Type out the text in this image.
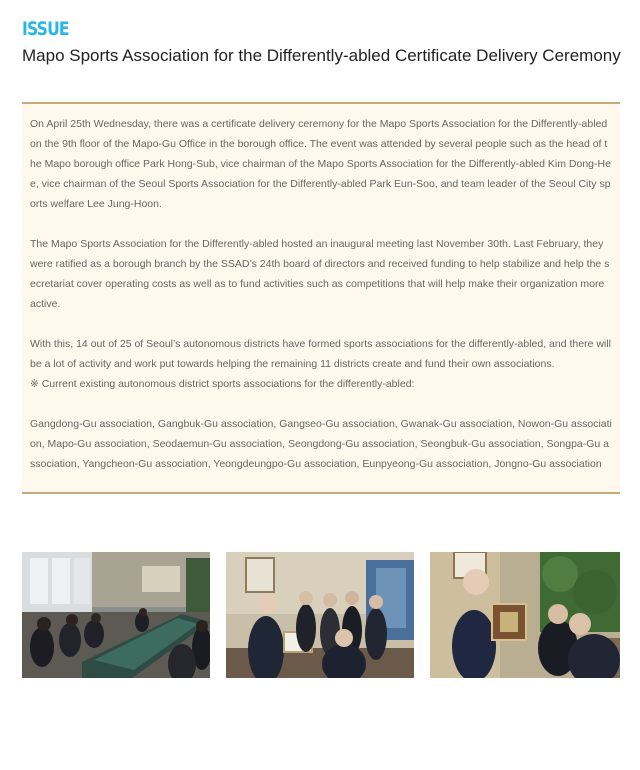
ISSUE
Mapo Sports Association for the Differently-abled Certificate Delivery Ceremony

On April 25th Wednesday, there was a certificate delivery ceremony for the Mapo Sports Association for the Differently-abled on the 9th floor of the Mapo-Gu Office in the borough office. The event was attended by several people such as the head of the Mapo borough office Park Hong-Sub, vice chairman of the Mapo Sports Association for the Differently-abled Kim Dong-Hee, vice chairman of the Seoul Sports Association for the Differently-abled Park Eun-Soo, and team leader of the Seoul City sports welfare Lee Jung-Hoon.

The Mapo Sports Association for the Differently-abled hosted an inaugural meeting last November 30th. Last February, they were ratified as a borough branch by the SSAD’s 24th board of directors and received funding to help stabilize and help the secretariat cover operating costs as well as to fund activities such as competitions that will help make their organization more active.

With this, 14 out of 25 of Seoul’s autonomous districts have formed sports associations for the differently-abled, and there will be a lot of activity and work put towards helping the remaining 11 districts create and fund their own associations.

※ Current existing autonomous district sports associations for the differently-abled:

Gangdong-Gu association, Gangbuk-Gu association, Gangseo-Gu association, Gwanak-Gu association, Nowon-Gu association, Mapo-Gu association, Seodaemun-Gu association, Seongdong-Gu association, Seongbuk-Gu association, Songpa-Gu association, Yangcheon-Gu association, Yeongdeungpo-Gu association, Eunpyeong-Gu association, Jongno-Gu association
